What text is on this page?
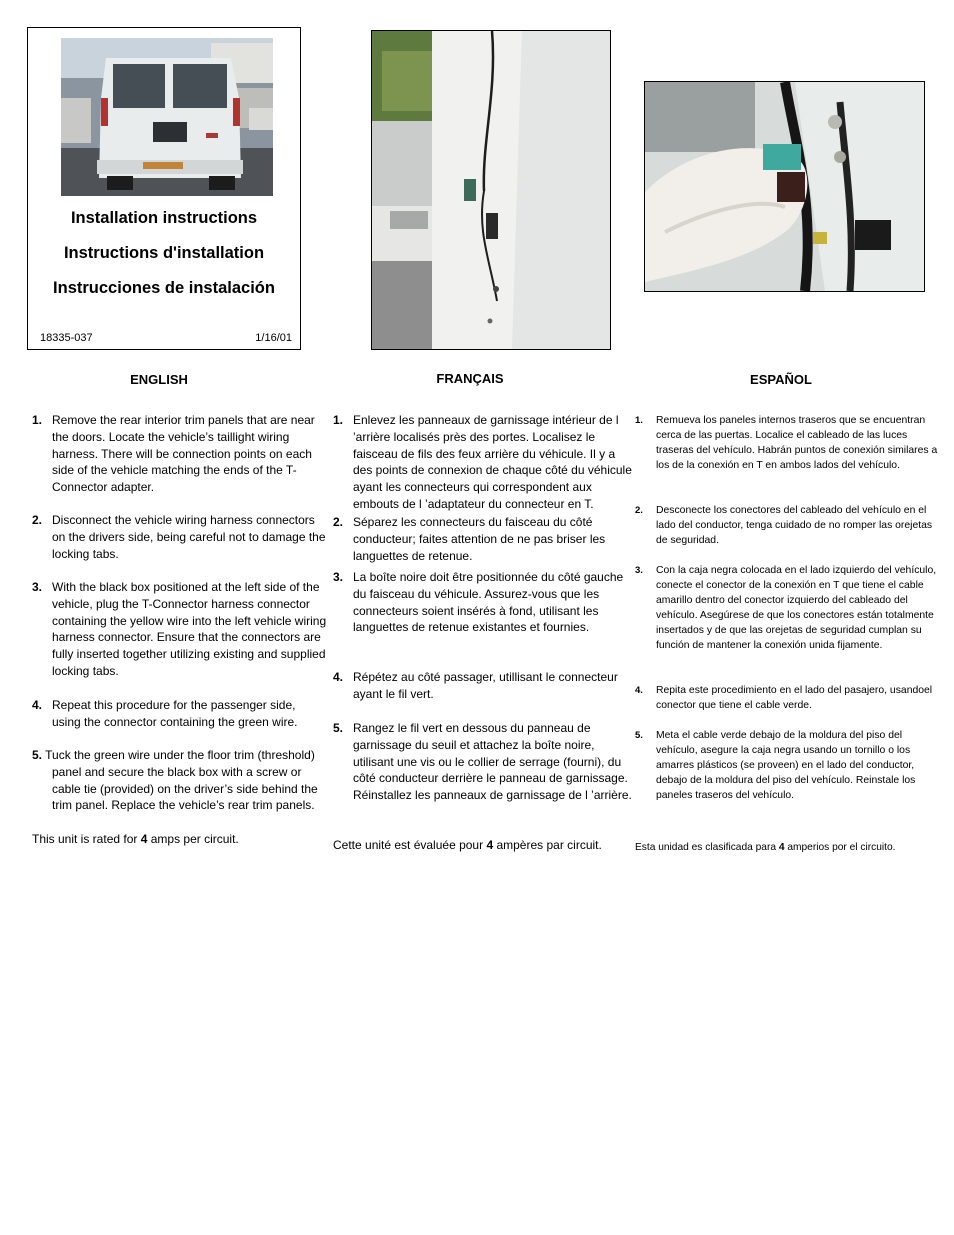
Installation instructions
Instructions d'installation
Instrucciones de instalación
18335-037	1/16/01
ENGLISH
1. Remove the rear interior trim panels that are near the doors. Locate the vehicle’s taillight wiring harness. There will be connection points on each side of the vehicle matching the ends of the T-Connector adapter.
2. Disconnect the vehicle wiring harness connectors on the drivers side, being careful not to damage the locking tabs.
3. With the black box positioned at the left side of the vehicle, plug the T-Connector harness connector containing the yellow wire into the left vehicle wiring harness connector. Ensure that the connectors are fully inserted together utilizing existing and supplied locking tabs.
4. Repeat this procedure for the passenger side, using the connector containing the green wire.
5. Tuck the green wire under the floor trim (threshold) panel and secure the black box with a screw or cable tie (provided) on the driver’s side behind the trim panel. Replace the vehicle’s rear trim panels.
This unit is rated for 4 amps per circuit.
FRANÇAIS
1. Enlevez les panneaux de garnissage intérieur de l ’arrière localisés près des portes. Localisez le faisceau de fils des feux arrière du véhicule. Il y a des points de connexion de chaque côté du véhicule ayant les connecteurs qui correspondent aux embouts de l ’adaptateur du connecteur en T.
2. Séparez les connecteurs du faisceau du côté conducteur; faites attention de ne pas briser les languettes de retenue.
3. La boîte noire doit être positionnée du côté gauche du faisceau du véhicule. Assurez-vous que les connecteurs soient insérés à fond, utilisant les languettes de retenue existantes et fournies.
4. Répétez au côté passager, utillisant le connecteur ayant le fil vert.
5. Rangez le fil vert en dessous du panneau de garnissage du seuil et attachez la boîte noire, utilisant une vis ou le collier de serrage (fourni), du côté conducteur derrière le panneau de garnissage. Réinstallez les panneaux de garnissage de l ’arrière.
Cette unité est évaluée pour 4 ampères par circuit.
ESPAÑOL
1. Remueva los paneles internos traseros que se encuentran cerca de las puertas. Localice el cableado de las luces traseras del vehículo. Habrán puntos de conexión similares a los de la conexión en T en ambos lados del vehículo.
2. Desconecte los conectores del cableado del vehículo en el lado del conductor, tenga cuidado de no romper las orejetas de seguridad.
3. Con la caja negra colocada en el lado izquierdo del vehículo, conecte el conector de la conexión en T que tiene el cable amarillo dentro del conector izquierdo del cableado del vehículo. Asegúrese de que los conectores están totalmente insertados y de que las orejetas de seguridad cumplan su función de mantener la conexión unida fijamente.
4. Repita este procedimiento en el lado del pasajero, usandoel conector que tiene el cable verde.
5. Meta el cable verde debajo de la moldura del piso del vehículo, asegure la caja negra usando un tornillo o los amarres plásticos (se proveen) en el lado del conductor, debajo de la moldura del piso del vehículo. Reinstale los paneles traseros del vehículo.
Esta unidad es clasificada para 4 amperios por el circuito.
